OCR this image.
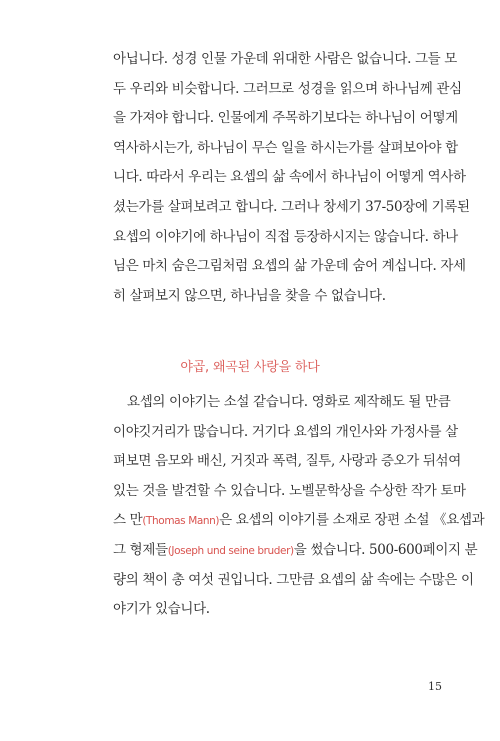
아닙니다. 성경 인물 가운데 위대한 사람은 없습니다. 그들 모
두 우리와 비슷합니다. 그러므로 성경을 읽으며 하나님께 관심
을 가져야 합니다. 인물에게 주목하기보다는 하나님이 어떻게
역사하시는가, 하나님이 무슨 일을 하시는가를 살펴보아야 합
니다. 따라서 우리는 요셉의 삶 속에서 하나님이 어떻게 역사하
셨는가를 살펴보려고 합니다. 그러나 창세기 37-50장에 기록된
요셉의 이야기에 하나님이 직접 등장하시지는 않습니다. 하나
님은 마치 숨은그림처럼 요셉의 삶 가운데 숨어 계십니다. 자세
히 살펴보지 않으면, 하나님을 찾을 수 없습니다.
야곱, 왜곡된 사랑을 하다
요셉의 이야기는 소설 같습니다. 영화로 제작해도 될 만큼
이야깃거리가 많습니다. 거기다 요셉의 개인사와 가정사를 살
펴보면 음모와 배신, 거짓과 폭력, 질투, 사랑과 증오가 뒤섞여
있는 것을 발견할 수 있습니다. 노벨문학상을 수상한 작가 토마
스 만(Thomas Mann)은 요셉의 이야기를 소재로 장편 소설 《요셉과
그 형제들(Joseph und seine bruder)을 썼습니다. 500-600페이지 분
량의 책이 총 여섯 권입니다. 그만큼 요셉의 삶 속에는 수많은 이
야기가 있습니다.
15
